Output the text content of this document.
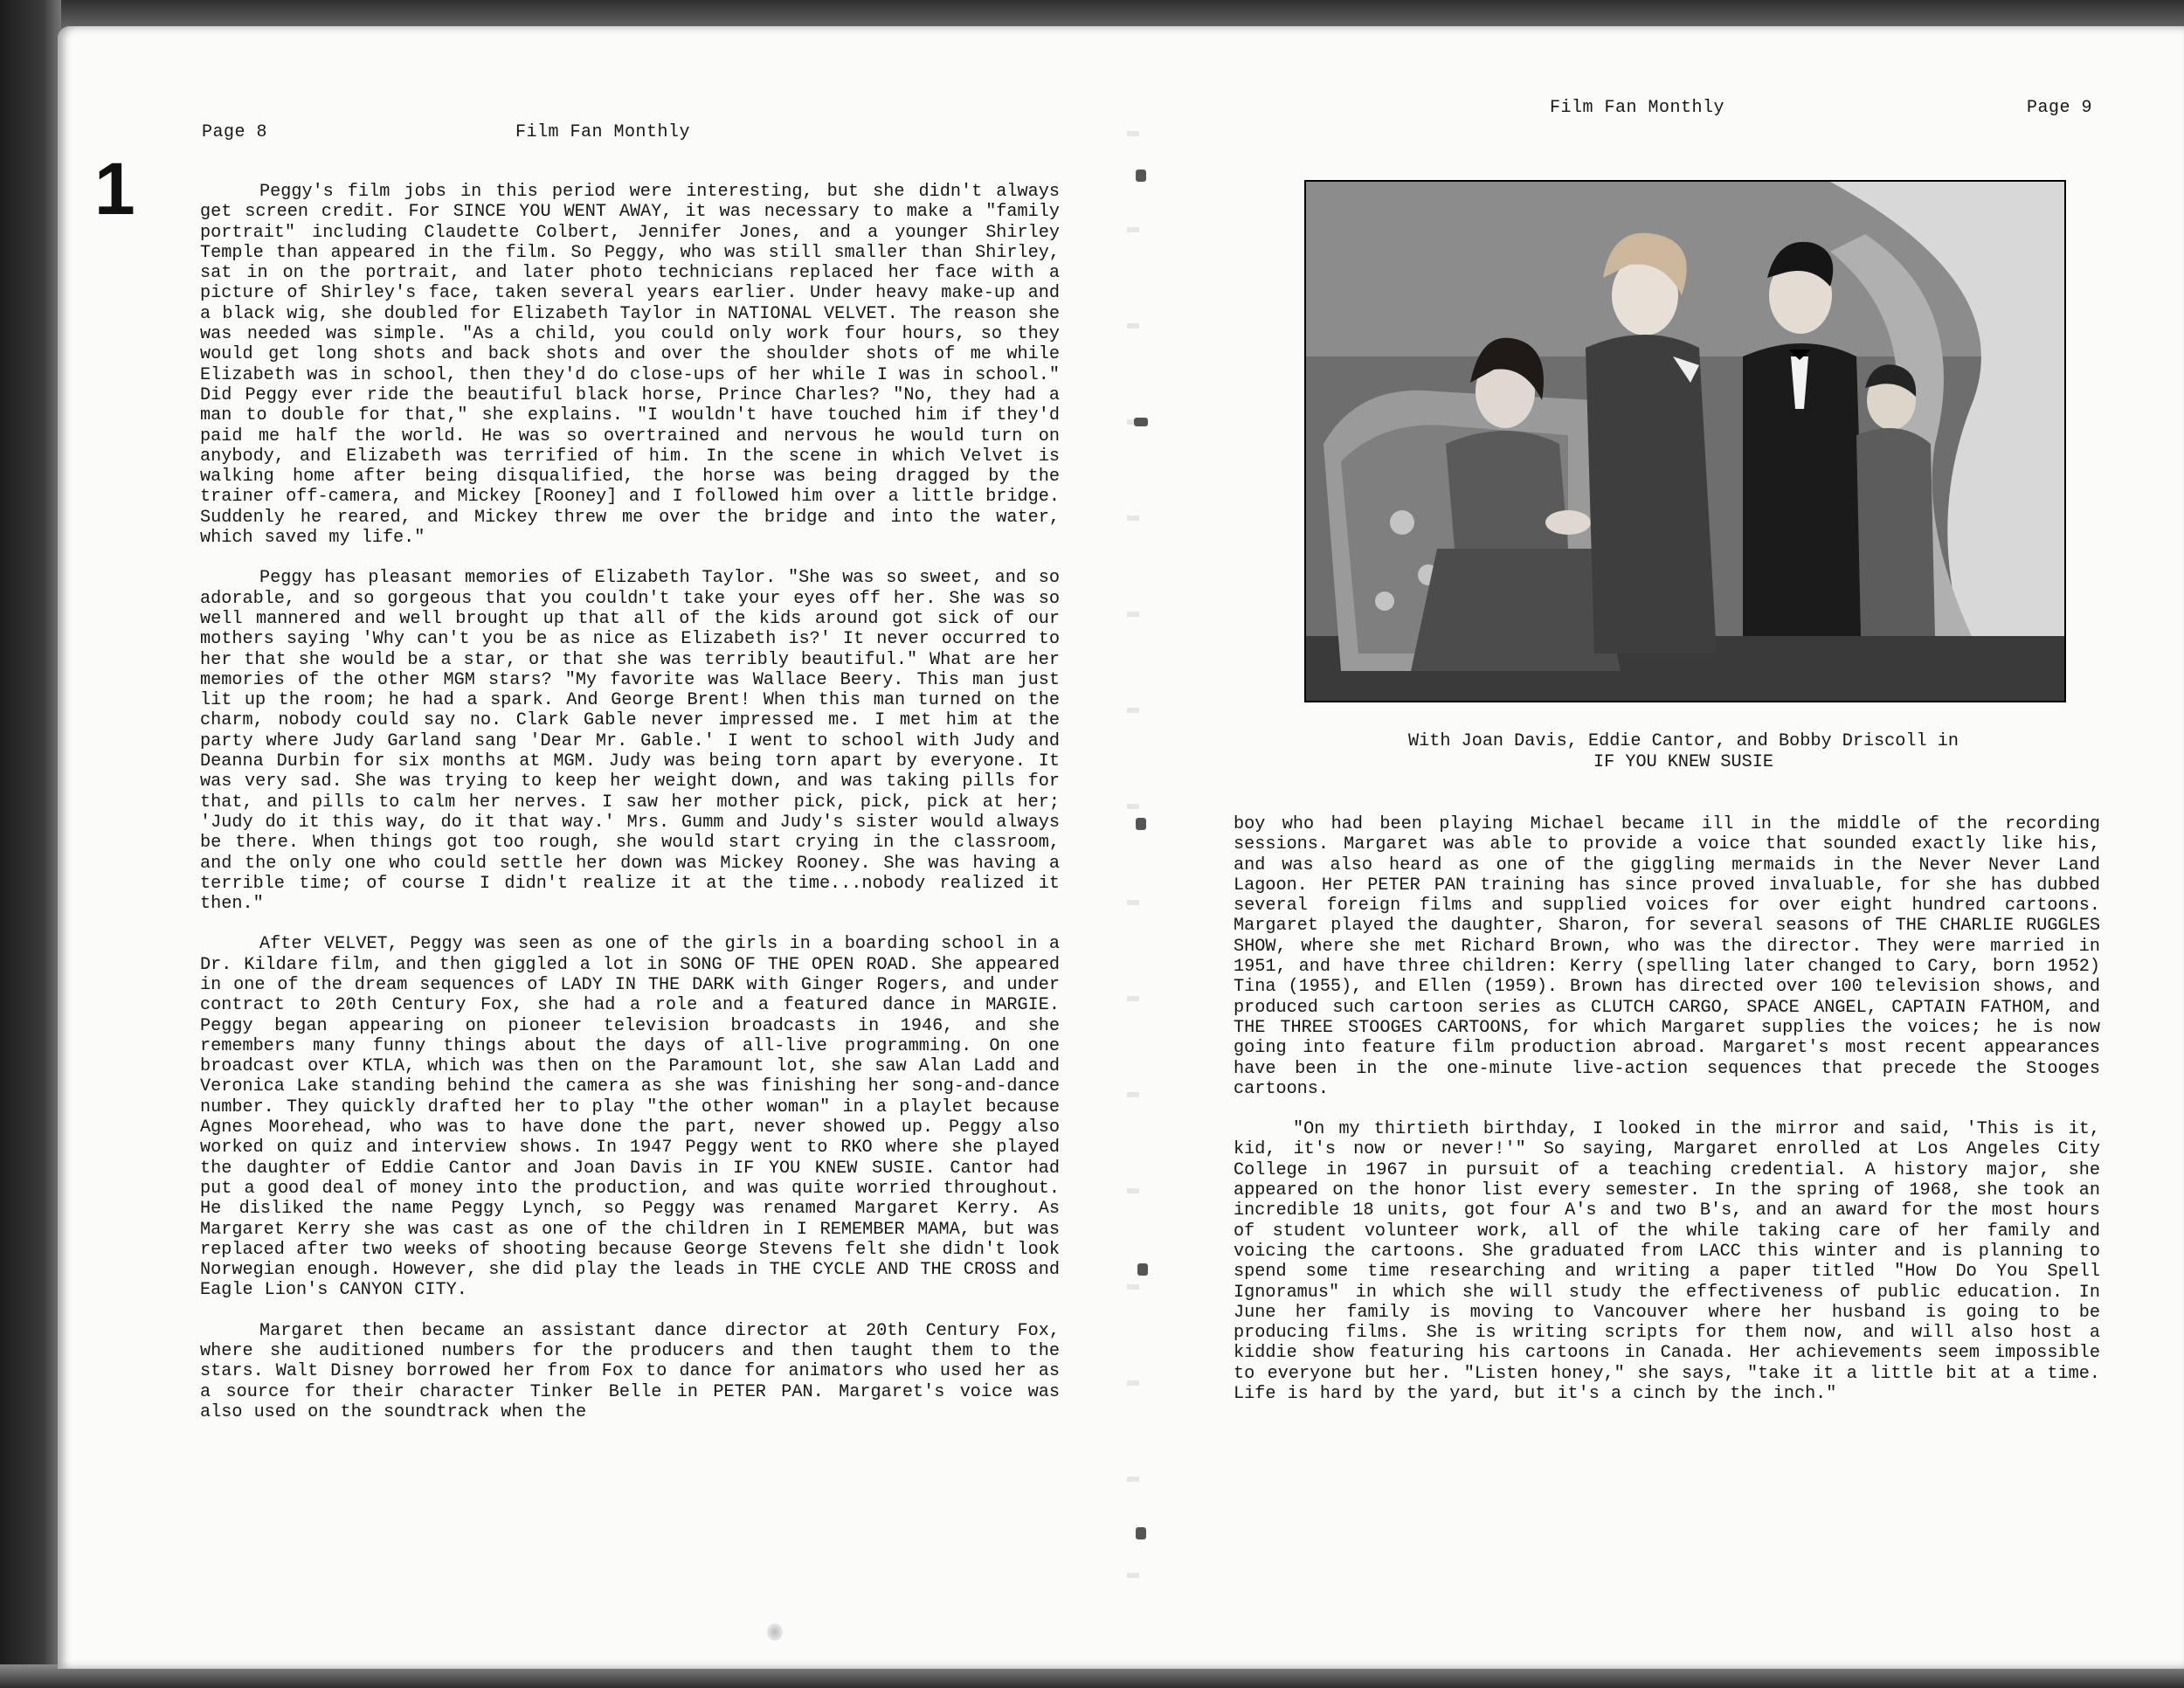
1
Page 8	Film Fan Monthly

Peggy's film jobs in this period were interesting, but she didn't always get screen credit. For SINCE YOU WENT AWAY, it was necessary to make a "family portrait" including Claudette Colbert, Jennifer Jones, and a younger Shirley Temple than appeared in the film. So Peggy, who was still smaller than Shirley, sat in on the portrait, and later photo technicians replaced her face with a picture of Shirley's face, taken several years earlier. Under heavy make-up and a black wig, she doubled for Elizabeth Taylor in NATIONAL VELVET. The reason she was needed was simple. "As a child, you could only work four hours, so they would get long shots and back shots and over the shoulder shots of me while Elizabeth was in school, then they'd do close-ups of her while I was in school." Did Peggy ever ride the beautiful black horse, Prince Charles? "No, they had a man to double for that," she explains. "I wouldn't have touched him if they'd paid me half the world. He was so overtrained and nervous he would turn on anybody, and Elizabeth was terrified of him. In the scene in which Velvet is walking home after being disqualified, the horse was being dragged by the trainer off-camera, and Mickey [Rooney] and I followed him over a little bridge. Suddenly he reared, and Mickey threw me over the bridge and into the water, which saved my life."

Peggy has pleasant memories of Elizabeth Taylor. "She was so sweet, and so adorable, and so gorgeous that you couldn't take your eyes off her. She was so well mannered and well brought up that all of the kids around got sick of our mothers saying 'Why can't you be as nice as Elizabeth is?' It never occurred to her that she would be a star, or that she was terribly beautiful." What are her memories of the other MGM stars? "My favorite was Wallace Beery. This man just lit up the room; he had a spark. And George Brent! When this man turned on the charm, nobody could say no. Clark Gable never impressed me. I met him at the party where Judy Garland sang 'Dear Mr. Gable.' I went to school with Judy and Deanna Durbin for six months at MGM. Judy was being torn apart by everyone. It was very sad. She was trying to keep her weight down, and was taking pills for that, and pills to calm her nerves. I saw her mother pick, pick, pick at her; 'Judy do it this way, do it that way.' Mrs. Gumm and Judy's sister would always be there. When things got too rough, she would start crying in the classroom, and the only one who could settle her down was Mickey Rooney. She was having a terrible time; of course I didn't realize it at the time...nobody realized it then."

After VELVET, Peggy was seen as one of the girls in a boarding school in a Dr. Kildare film, and then giggled a lot in SONG OF THE OPEN ROAD. She appeared in one of the dream sequences of LADY IN THE DARK with Ginger Rogers, and under contract to 20th Century Fox, she had a role and a featured dance in MARGIE. Peggy began appearing on pioneer television broadcasts in 1946, and she remembers many funny things about the days of all-live programming. On one broadcast over KTLA, which was then on the Paramount lot, she saw Alan Ladd and Veronica Lake standing behind the camera as she was finishing her song-and-dance number. They quickly drafted her to play "the other woman" in a playlet because Agnes Moorehead, who was to have done the part, never showed up. Peggy also worked on quiz and interview shows. In 1947 Peggy went to RKO where she played the daughter of Eddie Cantor and Joan Davis in IF YOU KNEW SUSIE. Cantor had put a good deal of money into the production, and was quite worried throughout. He disliked the name Peggy Lynch, so Peggy was renamed Margaret Kerry. As Margaret Kerry she was cast as one of the children in I REMEMBER MAMA, but was replaced after two weeks of shooting because George Stevens felt she didn't look Norwegian enough. However, she did play the leads in THE CYCLE AND THE CROSS and Eagle Lion's CANYON CITY.

Margaret then became an assistant dance director at 20th Century Fox, where she auditioned numbers for the producers and then taught them to the stars. Walt Disney borrowed her from Fox to dance for animators who used her as a source for their character Tinker Belle in PETER PAN. Margaret's voice was also used on the soundtrack when the

Film Fan Monthly	Page 9
With Joan Davis, Eddie Cantor, and Bobby Driscoll in
IF YOU KNEW SUSIE

boy who had been playing Michael became ill in the middle of the recording sessions. Margaret was able to provide a voice that sounded exactly like his, and was also heard as one of the giggling mermaids in the Never Never Land Lagoon. Her PETER PAN training has since proved invaluable, for she has dubbed several foreign films and supplied voices for over eight hundred cartoons. Margaret played the daughter, Sharon, for several seasons of THE CHARLIE RUGGLES SHOW, where she met Richard Brown, who was the director. They were married in 1951, and have three children: Kerry (spelling later changed to Cary, born 1952) Tina (1955), and Ellen (1959). Brown has directed over 100 television shows, and produced such cartoon series as CLUTCH CARGO, SPACE ANGEL, CAPTAIN FATHOM, and THE THREE STOOGES CARTOONS, for which Margaret supplies the voices; he is now going into feature film production abroad. Margaret's most recent appearances have been in the one-minute live-action sequences that precede the Stooges cartoons.

"On my thirtieth birthday, I looked in the mirror and said, 'This is it, kid, it's now or never!'" So saying, Margaret enrolled at Los Angeles City College in 1967 in pursuit of a teaching credential. A history major, she appeared on the honor list every semester. In the spring of 1968, she took an incredible 18 units, got four A's and two B's, and an award for the most hours of student volunteer work, all of the while taking care of her family and voicing the cartoons. She graduated from LACC this winter and is planning to spend some time researching and writing a paper titled "How Do You Spell Ignoramus" in which she will study the effectiveness of public education. In June her family is moving to Vancouver where her husband is going to be producing films. She is writing scripts for them now, and will also host a kiddie show featuring his cartoons in Canada. Her achievements seem impossible to everyone but her. "Listen honey," she says, "take it a little bit at a time. Life is hard by the yard, but it's a cinch by the inch."
